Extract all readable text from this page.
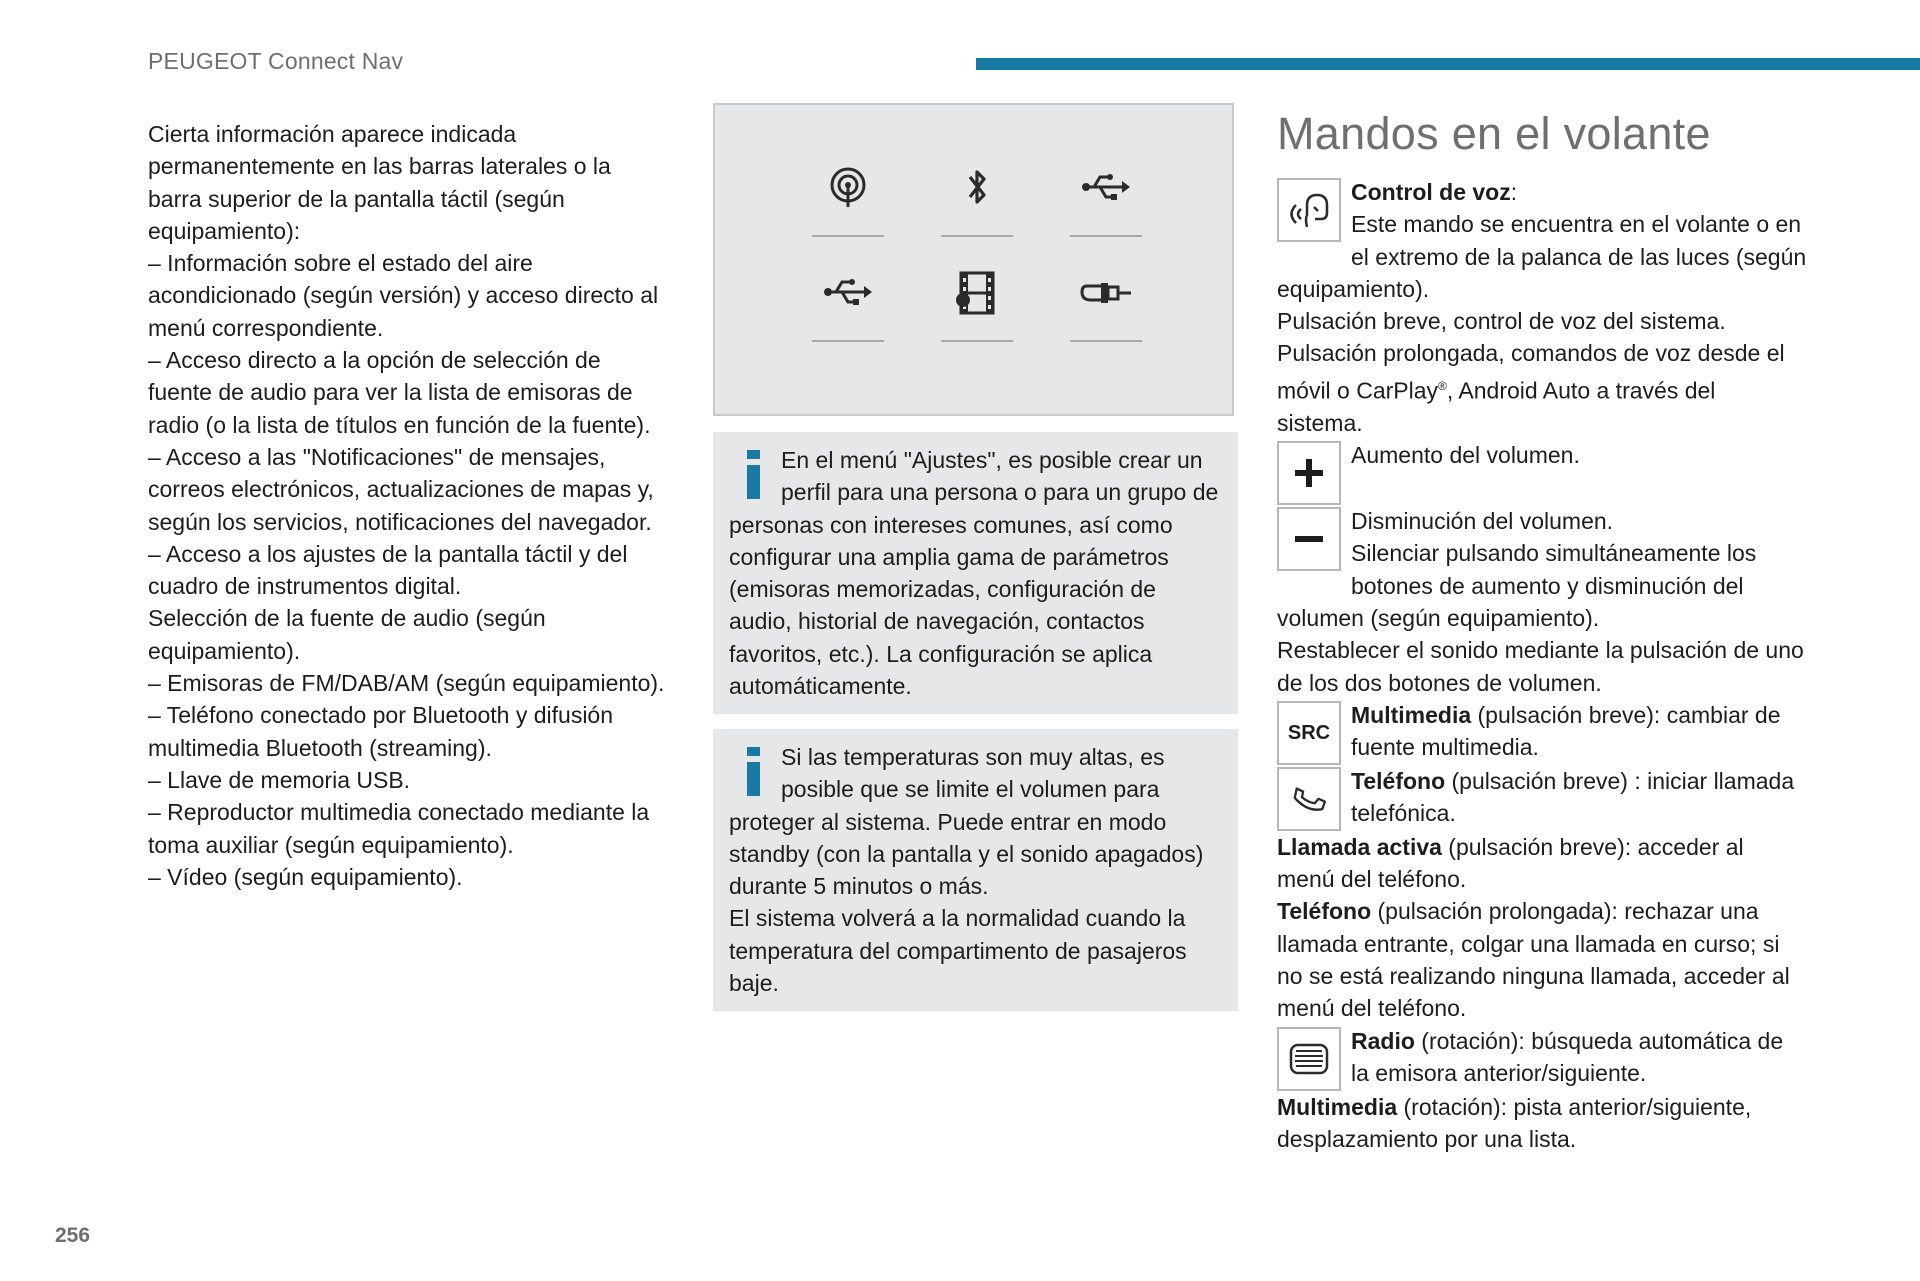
PEUGEOT Connect Nav

Cierta información aparece indicada permanentemente en las barras laterales o la barra superior de la pantalla táctil (según equipamiento):

– Información sobre el estado del aire acondicionado (según versión) y acceso directo al menú correspondiente.

– Acceso directo a la opción de selección de fuente de audio para ver la lista de emisoras de radio (o la lista de títulos en función de la fuente).

– Acceso a las "Notificaciones" de mensajes, correos electrónicos, actualizaciones de mapas y, según los servicios, notificaciones del navegador.

– Acceso a los ajustes de la pantalla táctil y del cuadro de instrumentos digital.

Selección de la fuente de audio (según equipamiento).

– Emisoras de FM/DAB/AM (según equipamiento).

– Teléfono conectado por Bluetooth y difusión multimedia Bluetooth (streaming).

– Llave de memoria USB.

– Reproductor multimedia conectado mediante la toma auxiliar (según equipamiento).

– Vídeo (según equipamiento).

En el menú "Ajustes", es posible crear un perfil para una persona o para un grupo de personas con intereses comunes, así como configurar una amplia gama de parámetros (emisoras memorizadas, configuración de audio, historial de navegación, contactos favoritos, etc.). La configuración se aplica automáticamente.

Si las temperaturas son muy altas, es posible que se limite el volumen para proteger al sistema. Puede entrar en modo standby (con la pantalla y el sonido apagados) durante 5 minutos o más.

El sistema volverá a la normalidad cuando la temperatura del compartimento de pasajeros baje.

Mandos en el volante

Control de voz:
Este mando se encuentra en el volante o en el extremo de la palanca de las luces (según equipamiento).

Pulsación breve, control de voz del sistema.

Pulsación prolongada, comandos de voz desde el móvil o CarPlay®, Android Auto a través del sistema.

Aumento del volumen.

Disminución del volumen.

Silenciar pulsando simultáneamente los botones de aumento y disminución del volumen (según equipamiento).

Restablecer el sonido mediante la pulsación de uno de los dos botones de volumen.

SRC

Multimedia (pulsación breve): cambiar de fuente multimedia.

Teléfono (pulsación breve) : iniciar llamada telefónica.

Llamada activa (pulsación breve): acceder al menú del teléfono.

Teléfono (pulsación prolongada): rechazar una llamada entrante, colgar una llamada en curso; si no se está realizando ninguna llamada, acceder al menú del teléfono.

Radio (rotación): búsqueda automática de la emisora anterior/siguiente.

Multimedia (rotación): pista anterior/siguiente, desplazamiento por una lista.

256
